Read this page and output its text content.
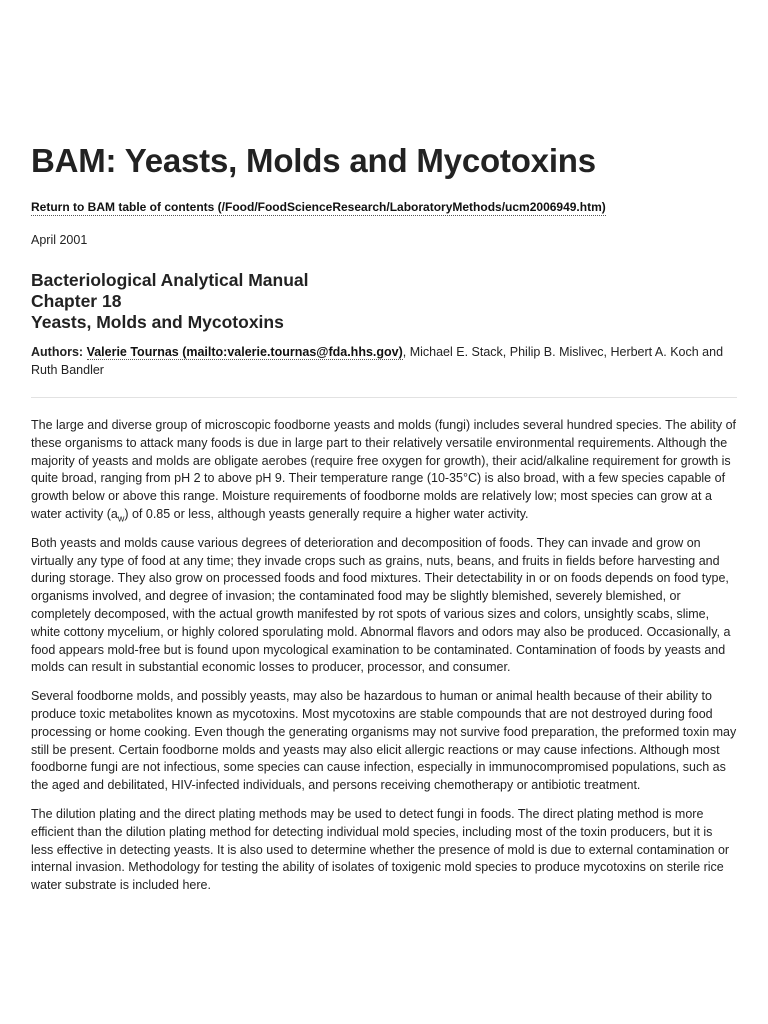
BAM: Yeasts, Molds and Mycotoxins
Return to BAM table of contents (/Food/FoodScienceResearch/LaboratoryMethods/ucm2006949.htm)

April 2001

Bacteriological Analytical Manual
Chapter 18
Yeasts, Molds and Mycotoxins

Authors: Valerie Tournas (mailto:valerie.tournas@fda.hhs.gov), Michael E. Stack, Philip B. Mislivec, Herbert A. Koch and Ruth Bandler

The large and diverse group of microscopic foodborne yeasts and molds (fungi) includes several hundred species. The ability of these organisms to attack many foods is due in large part to their relatively versatile environmental requirements. Although the majority of yeasts and molds are obligate aerobes (require free oxygen for growth), their acid/alkaline requirement for growth is quite broad, ranging from pH 2 to above pH 9. Their temperature range (10-35°C) is also broad, with a few species capable of growth below or above this range. Moisture requirements of foodborne molds are relatively low; most species can grow at a water activity $(a_w)$ of 0.85 or less, although yeasts generally require a higher water activity.

Both yeasts and molds cause various degrees of deterioration and decomposition of foods. They can invade and grow on virtually any type of food at any time; they invade crops such as grains, nuts, beans, and fruits in fields before harvesting and during storage. They also grow on processed foods and food mixtures. Their detectability in or on foods depends on food type, organisms involved, and degree of invasion; the contaminated food may be slightly blemished, severely blemished, or completely decomposed, with the actual growth manifested by rot spots of various sizes and colors, unsightly scabs, slime, white cottony mycelium, or highly colored sporulating mold. Abnormal flavors and odors may also be produced. Occasionally, a food appears mold-free but is found upon mycological examination to be contaminated. Contamination of foods by yeasts and molds can result in substantial economic losses to producer, processor, and consumer.

Several foodborne molds, and possibly yeasts, may also be hazardous to human or animal health because of their ability to produce toxic metabolites known as mycotoxins. Most mycotoxins are stable compounds that are not destroyed during food processing or home cooking. Even though the generating organisms may not survive food preparation, the preformed toxin may still be present. Certain foodborne molds and yeasts may also elicit allergic reactions or may cause infections. Although most foodborne fungi are not infectious, some species can cause infection, especially in immunocompromised populations, such as the aged and debilitated, HIV-infected individuals, and persons receiving chemotherapy or antibiotic treatment.

The dilution plating and the direct plating methods may be used to detect fungi in foods. The direct plating method is more efficient than the dilution plating method for detecting individual mold species, including most of the toxin producers, but it is less effective in detecting yeasts. It is also used to determine whether the presence of mold is due to external contamination or internal invasion. Methodology for testing the ability of isolates of toxigenic mold species to produce mycotoxins on sterile rice water substrate is included here.
